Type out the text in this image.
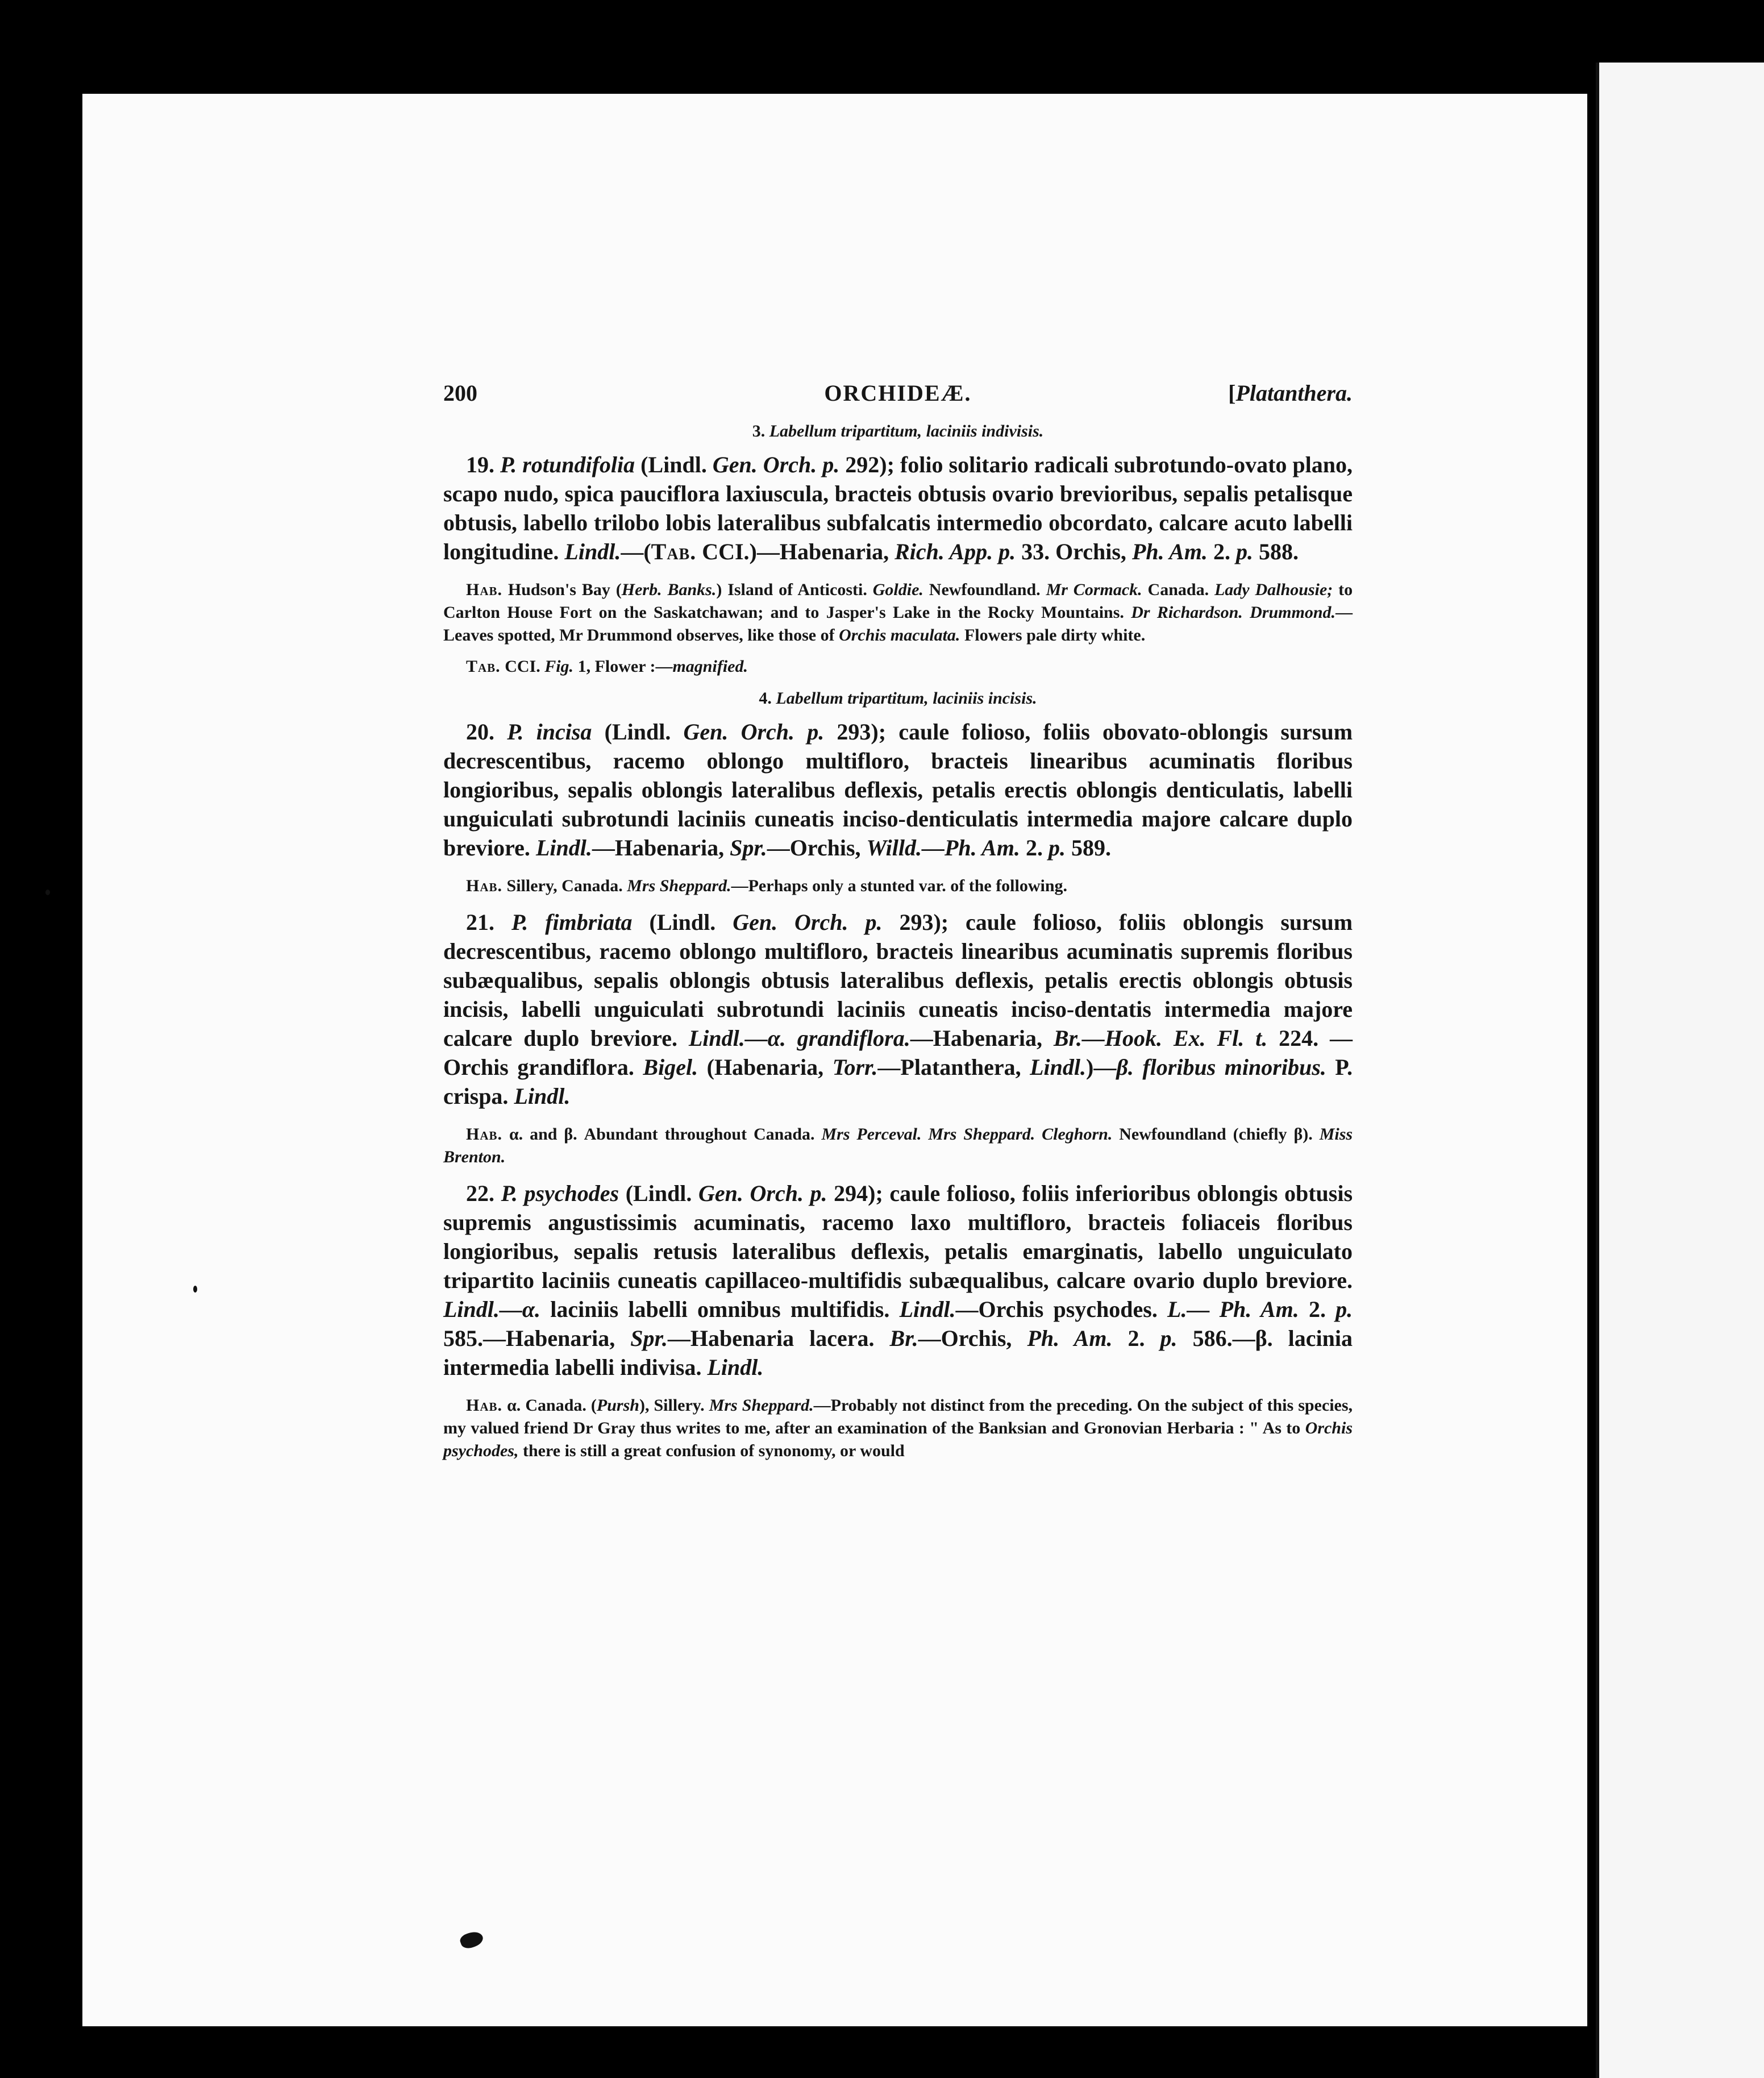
200	ORCHIDEÆ.	[Platanthera.
3. Labellum tripartitum, laciniis indivisis.

19. P. rotundifolia (Lindl. Gen. Orch. p. 292); folio solitario radicali subrotundo-ovato plano, scapo nudo, spica pauciflora laxiuscula, bracteis obtusis ovario brevioribus, sepalis petalisque obtusis, labello trilobo lobis lateralibus subfalcatis intermedio obcordato, calcare acuto labelli longitudine. Lindl.—(Tab. CCI.)—Habenaria, Rich. App. p. 33. Orchis, Ph. Am. 2. p. 588.

Hab. Hudson's Bay (Herb. Banks.) Island of Anticosti. Goldie. Newfoundland. Mr Cormack. Canada. Lady Dalhousie; to Carlton House Fort on the Saskatchawan; and to Jasper's Lake in the Rocky Mountains. Dr Richardson. Drummond.—Leaves spotted, Mr Drummond observes, like those of Orchis maculata. Flowers pale dirty white.

Tab. CCI. Fig. 1, Flower :—magnified.
4. Labellum tripartitum, laciniis incisis.

20. P. incisa (Lindl. Gen. Orch. p. 293); caule folioso, foliis obovato-oblongis sursum decrescentibus, racemo oblongo multifloro, bracteis linearibus acuminatis floribus longioribus, sepalis oblongis lateralibus deflexis, petalis erectis oblongis denticulatis, labelli unguiculati subrotundi laciniis cuneatis inciso-denticulatis intermedia majore calcare duplo breviore. Lindl.—Habenaria, Spr.—Orchis, Willd.—Ph. Am. 2. p. 589.

Hab. Sillery, Canada. Mrs Sheppard.—Perhaps only a stunted var. of the following.

21. P. fimbriata (Lindl. Gen. Orch. p. 293); caule folioso, foliis oblongis sursum decrescentibus, racemo oblongo multifloro, bracteis linearibus acuminatis supremis floribus subæqualibus, sepalis oblongis obtusis lateralibus deflexis, petalis erectis oblongis obtusis incisis, labelli unguiculati subrotundi laciniis cuneatis inciso-dentatis intermedia majore calcare duplo breviore. Lindl.—α. grandiflora.—Habenaria, Br.—Hook. Ex. Fl. t. 224. —Orchis grandiflora. Bigel. (Habenaria, Torr.—Platanthera, Lindl.)—β. floribus minoribus. P. crispa. Lindl.

Hab. α. and β. Abundant throughout Canada. Mrs Perceval. Mrs Sheppard. Cleghorn. Newfoundland (chiefly β). Miss Brenton.

22. P. psychodes (Lindl. Gen. Orch. p. 294); caule folioso, foliis inferioribus oblongis obtusis supremis angustissimis acuminatis, racemo laxo multifloro, bracteis foliaceis floribus longioribus, sepalis retusis lateralibus deflexis, petalis emarginatis, labello unguiculato tripartito laciniis cuneatis capillaceo-multifidis subæqualibus, calcare ovario duplo breviore. Lindl.—α. laciniis labelli omnibus multifidis. Lindl.—Orchis psychodes. L.— Ph. Am. 2. p. 585.—Habenaria, Spr.—Habenaria lacera. Br.—Orchis, Ph. Am. 2. p. 586.—β. lacinia intermedia labelli indivisa. Lindl.

Hab. α. Canada. (Pursh), Sillery. Mrs Sheppard.—Probably not distinct from the preceding. On the subject of this species, my valued friend Dr Gray thus writes to me, after an examination of the Banksian and Gronovian Herbaria : " As to Orchis psychodes, there is still a great confusion of synonomy, or would
